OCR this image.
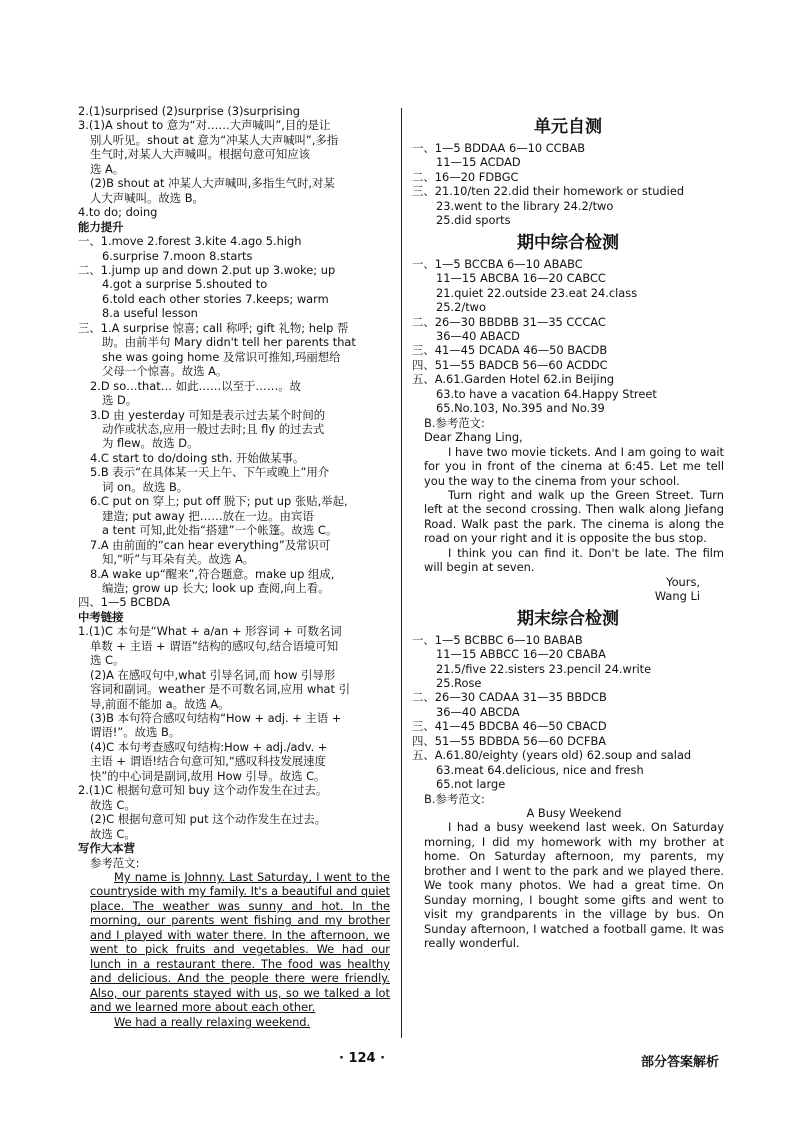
2.(1)surprised (2)surprise (3)surprising
3.(1)A shout to 意为“对……大声喊叫”,目的是让
别人听见。shout at 意为“冲某人大声喊叫”,多指
生气时,对某人大声喊叫。根据句意可知应该
选 A。
(2)B shout at 冲某人大声喊叫,多指生气时,对某
人大声喊叫。故选 B。
4.to do; doing
能力提升
一、1.move 2.forest 3.kite 4.ago 5.high
6.surprise 7.moon 8.starts
二、1.jump up and down 2.put up 3.woke; up
4.got a surprise 5.shouted to
6.told each other stories 7.keeps; warm
8.a useful lesson
三、1.A surprise 惊喜; call 称呼; gift 礼物; help 帮
助。由前半句 Mary didn't tell her parents that
she was going home 及常识可推知,玛丽想给
父母一个惊喜。故选 A。
2.D so…that… 如此……以至于……。故
选 D。
3.D 由 yesterday 可知是表示过去某个时间的
动作或状态,应用一般过去时;且 fly 的过去式
为 flew。故选 D。
4.C start to do/doing sth. 开始做某事。
5.B 表示“在具体某一天上午、下午或晚上”用介
词 on。故选 B。
6.C put on 穿上; put off 脱下; put up 张贴,举起,
建造; put away 把……放在一边。由宾语
a tent 可知,此处指“搭建”一个帐篷。故选 C。
7.A 由前面的“can hear everything”及常识可
知,“听”与耳朵有关。故选 A。
8.A wake up“醒来”,符合题意。make up 组成,
编造; grow up 长大; look up 查阅,向上看。
四、1—5 BCBDA
中考链接
1.(1)C 本句是“What + a/an + 形容词 + 可数名词
单数 + 主语 + 谓语”结构的感叹句,结合语境可知
选 C。
(2)A 在感叹句中,what 引导名词,而 how 引导形
容词和副词。weather 是不可数名词,应用 what 引
导,前面不能加 a。故选 A。
(3)B 本句符合感叹句结构“How + adj. + 主语 +
谓语!”。故选 B。
(4)C 本句考查感叹句结构:How + adj./adv. +
主语 + 谓语!结合句意可知,“感叹科技发展速度
快”的中心词是副词,故用 How 引导。故选 C。
2.(1)C 根据句意可知 buy 这个动作发生在过去。
故选 C。
(2)C 根据句意可知 put 这个动作发生在过去。
故选 C。
写作大本营
参考范文:
My name is Johnny. Last Saturday, I went to the countryside with my family. It's a beautiful and quiet place. The weather was sunny and hot. In the morning, our parents went fishing and my brother and I played with water there. In the afternoon, we went to pick fruits and vegetables. We had our lunch in a restaurant there. The food was healthy and delicious. And the people there were friendly. Also, our parents stayed with us, so we talked a lot and we learned more about each other.
We had a really relaxing weekend.
单元自测
一、1—5 BDDAA 6—10 CCBAB
11—15 ACDAD
二、16—20 FDBGC
三、21.10/ten 22.did their homework or studied
23.went to the library 24.2/two
25.did sports
期中综合检测
一、1—5 BCCBA 6—10 ABABC
11—15 ABCBA 16—20 CABCC
21.quiet 22.outside 23.eat 24.class
25.2/two
二、26—30 BBDBB 31—35 CCCAC
36—40 ABACD
三、41—45 DCADA 46—50 BACDB
四、51—55 BADCB 56—60 ACDDC
五、A.61.Garden Hotel 62.in Beijing
63.to have a vacation 64.Happy Street
65.No.103, No.395 and No.39
B.参考范文:
Dear Zhang Ling,
I have two movie tickets. And I am going to wait for you in front of the cinema at 6:45. Let me tell you the way to the cinema from your school.
Turn right and walk up the Green Street. Turn left at the second crossing. Then walk along Jiefang Road. Walk past the park. The cinema is along the road on your right and it is opposite the bus stop.
I think you can find it. Don't be late. The film will begin at seven.
Yours,
Wang Li
期末综合检测
一、1—5 BCBBC 6—10 BABAB
11—15 ABBCC 16—20 CBABA
21.5/five 22.sisters 23.pencil 24.write
25.Rose
二、26—30 CADAA 31—35 BBDCB
36—40 ABCDA
三、41—45 BDCBA 46—50 CBACD
四、51—55 BDBDA 56—60 DCFBA
五、A.61.80/eighty (years old) 62.soup and salad
63.meat 64.delicious, nice and fresh
65.not large
B.参考范文:
A Busy Weekend
I had a busy weekend last week. On Saturday morning, I did my homework with my brother at home. On Saturday afternoon, my parents, my brother and I went to the park and we played there. We took many photos. We had a great time. On Sunday morning, I bought some gifts and went to visit my grandparents in the village by bus. On Sunday afternoon, I watched a football game. It was really wonderful.
· 124 ·	部分答案解析
